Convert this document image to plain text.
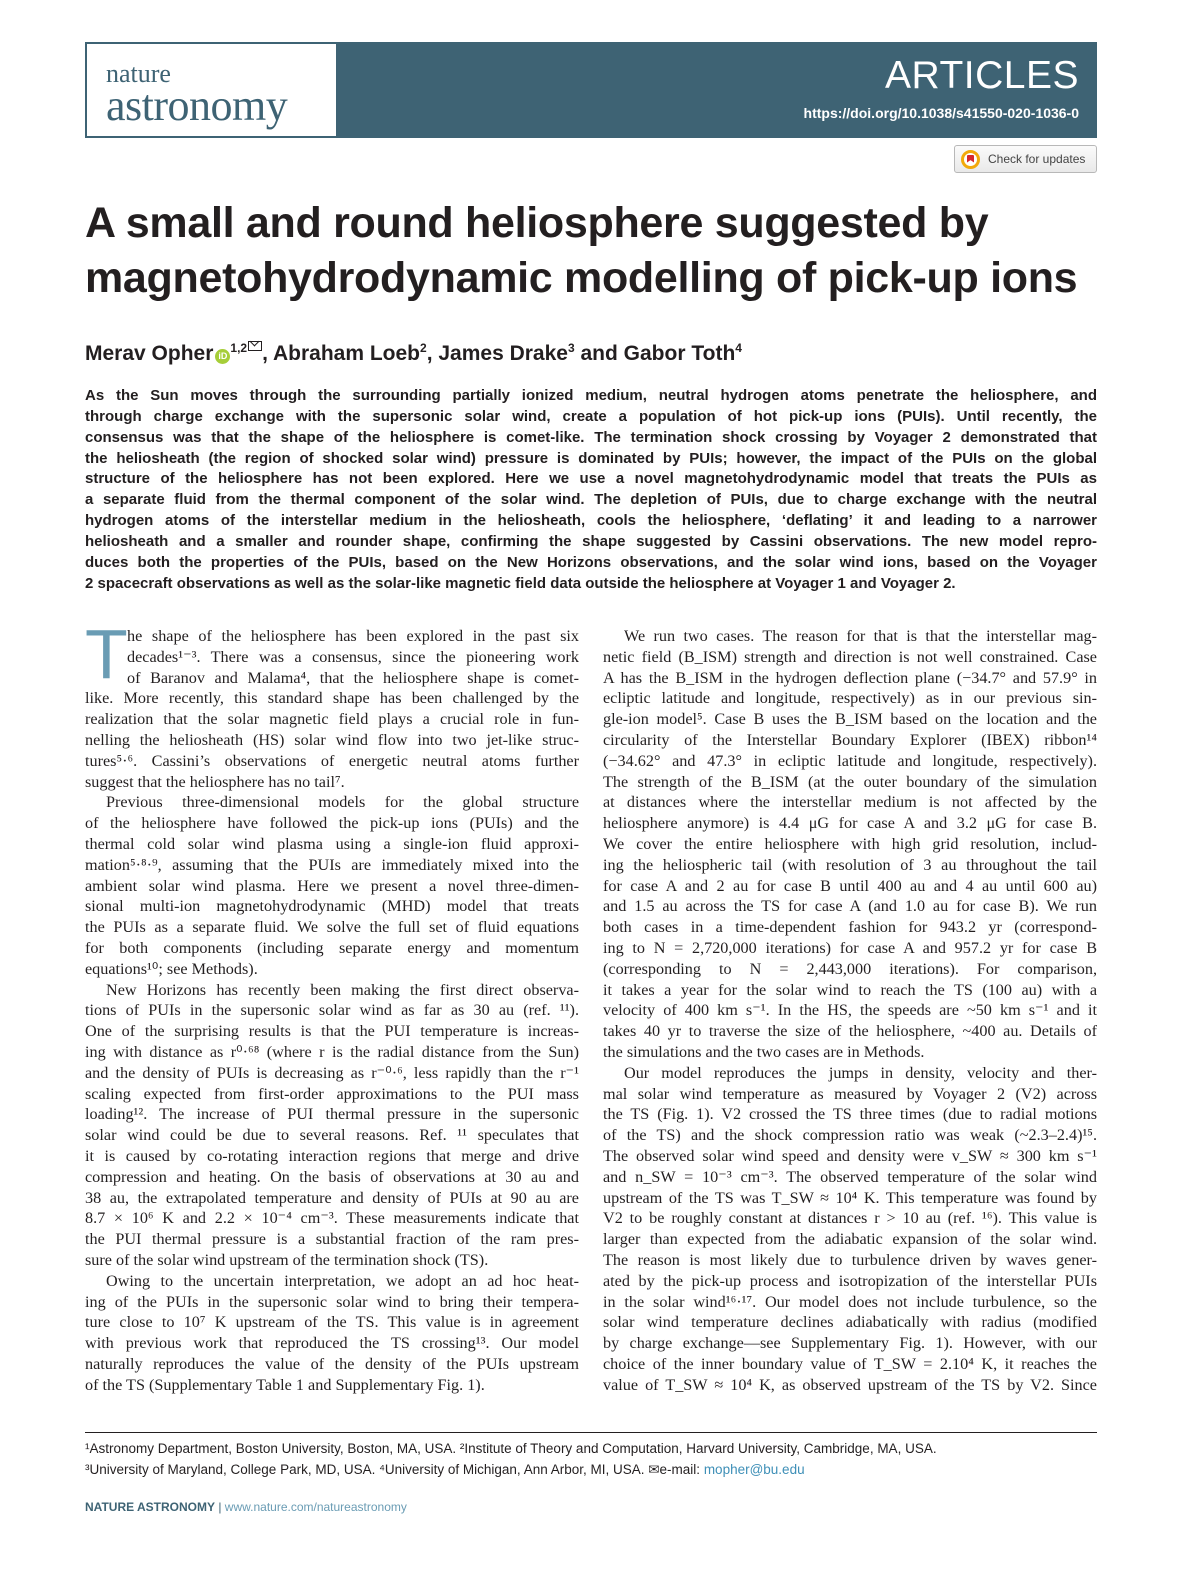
nature
astronomy
ARTICLES
https://doi.org/10.1038/s41550-020-1036-0
Check for updates
A small and round heliosphere suggested by
magnetohydrodynamic modelling of pick-up ions
Merav Opher iD$^{1,2}$ , Abraham Loeb$^2$, James Drake$^3$ and Gabor Toth$^4$
As the Sun moves through the surrounding partially ionized medium, neutral hydrogen atoms penetrate the heliosphere, and
through charge exchange with the supersonic solar wind, create a population of hot pick-up ions (PUIs). Until recently, the
consensus was that the shape of the heliosphere is comet-like. The termination shock crossing by Voyager 2 demonstrated that
the heliosheath (the region of shocked solar wind) pressure is dominated by PUIs; however, the impact of the PUIs on the global
structure of the heliosphere has not been explored. Here we use a novel magnetohydrodynamic model that treats the PUIs as
a separate fluid from the thermal component of the solar wind. The depletion of PUIs, due to charge exchange with the neutral
hydrogen atoms of the interstellar medium in the heliosheath, cools the heliosphere, ‘deflating’ it and leading to a narrower
heliosheath and a smaller and rounder shape, confirming the shape suggested by Cassini observations. The new model repro-
duces both the properties of the PUIs, based on the New Horizons observations, and the solar wind ions, based on the Voyager
2 spacecraft observations as well as the solar-like magnetic field data outside the heliosphere at Voyager 1 and Voyager 2.
T he shape of the heliosphere has been explored in the past six
decades¹⁻³. There was a consensus, since the pioneering work
of Baranov and Malama⁴, that the heliosphere shape is comet-
like. More recently, this standard shape has been challenged by the
realization that the solar magnetic field plays a crucial role in fun-
nelling the heliosheath (HS) solar wind flow into two jet-like struc-
tures⁵·⁶. Cassini’s observations of energetic neutral atoms further
suggest that the heliosphere has no tail⁷.
Previous three-dimensional models for the global structure
of the heliosphere have followed the pick-up ions (PUIs) and the
thermal cold solar wind plasma using a single-ion fluid approxi-
mation⁵·⁸·⁹, assuming that the PUIs are immediately mixed into the
ambient solar wind plasma. Here we present a novel three-dimen-
sional multi-ion magnetohydrodynamic (MHD) model that treats
the PUIs as a separate fluid. We solve the full set of fluid equations
for both components (including separate energy and momentum
equations¹⁰; see Methods).
New Horizons has recently been making the first direct observa-
tions of PUIs in the supersonic solar wind as far as 30 au (ref. ¹¹).
One of the surprising results is that the PUI temperature is increas-
ing with distance as r⁰·⁶⁸ (where r is the radial distance from the Sun)
and the density of PUIs is decreasing as r⁻⁰·⁶, less rapidly than the r⁻¹
scaling expected from first-order approximations to the PUI mass
loading¹². The increase of PUI thermal pressure in the supersonic
solar wind could be due to several reasons. Ref. ¹¹ speculates that
it is caused by co-rotating interaction regions that merge and drive
compression and heating. On the basis of observations at 30 au and
38 au, the extrapolated temperature and density of PUIs at 90 au are
8.7 × 10⁶ K and 2.2 × 10⁻⁴ cm⁻³. These measurements indicate that
the PUI thermal pressure is a substantial fraction of the ram pres-
sure of the solar wind upstream of the termination shock (TS).
Owing to the uncertain interpretation, we adopt an ad hoc heat-
ing of the PUIs in the supersonic solar wind to bring their tempera-
ture close to 10⁷ K upstream of the TS. This value is in agreement
with previous work that reproduced the TS crossing¹³. Our model
naturally reproduces the value of the density of the PUIs upstream
of the TS (Supplementary Table 1 and Supplementary Fig. 1).
We run two cases. The reason for that is that the interstellar mag-
netic field (B_ISM) strength and direction is not well constrained. Case
A has the B_ISM in the hydrogen deflection plane (−34.7° and 57.9° in
ecliptic latitude and longitude, respectively) as in our previous sin-
gle-ion model⁵. Case B uses the B_ISM based on the location and the
circularity of the Interstellar Boundary Explorer (IBEX) ribbon¹⁴
(−34.62° and 47.3° in ecliptic latitude and longitude, respectively).
The strength of the B_ISM (at the outer boundary of the simulation
at distances where the interstellar medium is not affected by the
heliosphere anymore) is 4.4 μG for case A and 3.2 μG for case B.
We cover the entire heliosphere with high grid resolution, includ-
ing the heliospheric tail (with resolution of 3 au throughout the tail
for case A and 2 au for case B until 400 au and 4 au until 600 au)
and 1.5 au across the TS for case A (and 1.0 au for case B). We run
both cases in a time-dependent fashion for 943.2 yr (correspond-
ing to N = 2,720,000 iterations) for case A and 957.2 yr for case B
(corresponding to N = 2,443,000 iterations). For comparison,
it takes a year for the solar wind to reach the TS (100 au) with a
velocity of 400 km s⁻¹. In the HS, the speeds are ~50 km s⁻¹ and it
takes 40 yr to traverse the size of the heliosphere, ~400 au. Details of
the simulations and the two cases are in Methods.
Our model reproduces the jumps in density, velocity and ther-
mal solar wind temperature as measured by Voyager 2 (V2) across
the TS (Fig. 1). V2 crossed the TS three times (due to radial motions
of the TS) and the shock compression ratio was weak (~2.3–2.4)¹⁵.
The observed solar wind speed and density were v_SW ≈ 300 km s⁻¹
and n_SW = 10⁻³ cm⁻³. The observed temperature of the solar wind
upstream of the TS was T_SW ≈ 10⁴ K. This temperature was found by
V2 to be roughly constant at distances r > 10 au (ref. ¹⁶). This value is
larger than expected from the adiabatic expansion of the solar wind.
The reason is most likely due to turbulence driven by waves gener-
ated by the pick-up process and isotropization of the interstellar PUIs
in the solar wind¹⁶·¹⁷. Our model does not include turbulence, so the
solar wind temperature declines adiabatically with radius (modified
by charge exchange—see Supplementary Fig. 1). However, with our
choice of the inner boundary value of T_SW = 2.10⁴ K, it reaches the
value of T_SW ≈ 10⁴ K, as observed upstream of the TS by V2. Since
¹Astronomy Department, Boston University, Boston, MA, USA. ²Institute of Theory and Computation, Harvard University, Cambridge, MA, USA.
³University of Maryland, College Park, MD, USA. ⁴University of Michigan, Ann Arbor, MI, USA. ✉e-mail: mopher@bu.edu
NATURE ASTRONOMY | www.nature.com/natureastronomy
